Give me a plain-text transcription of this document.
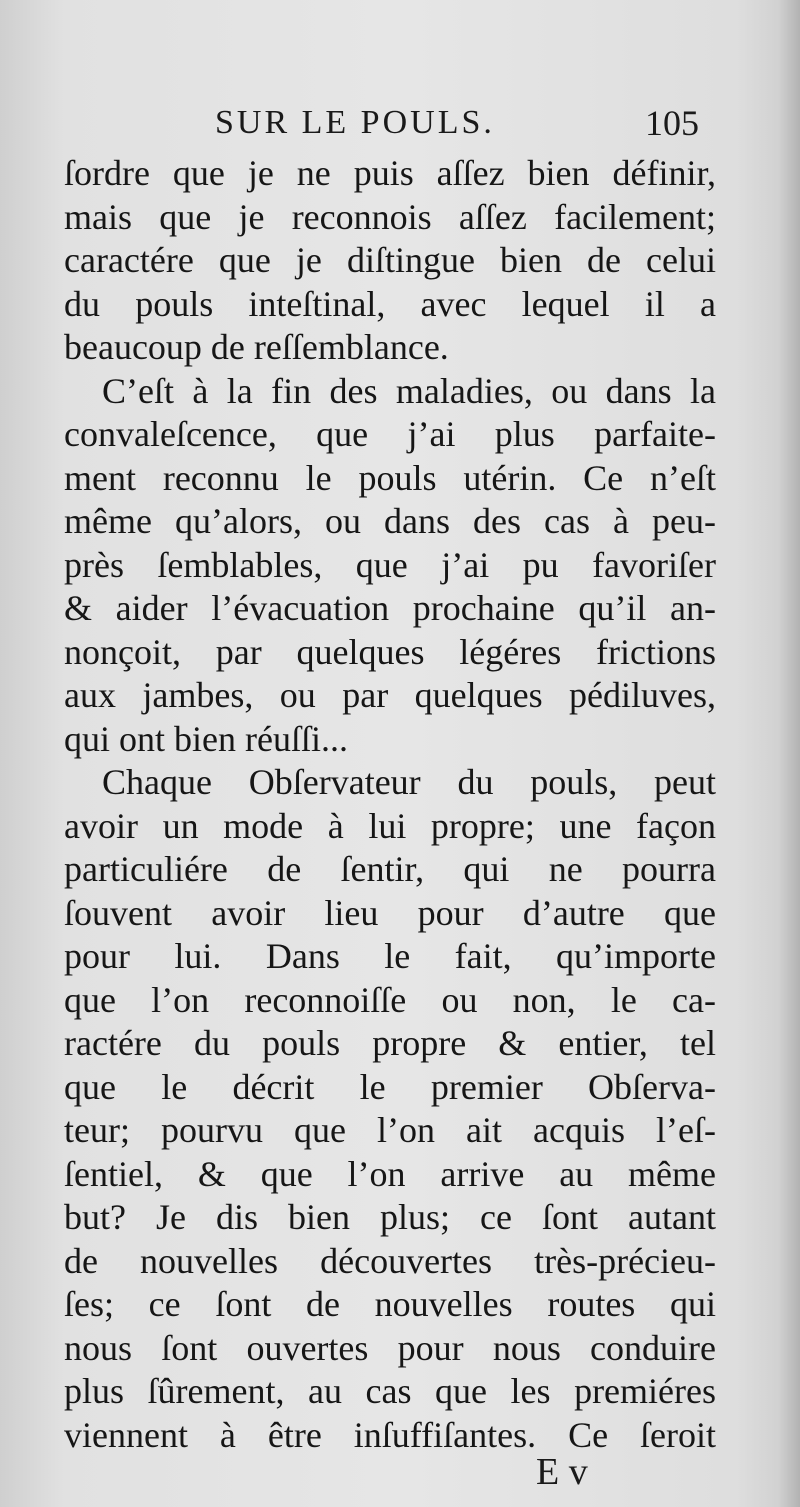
SUR LE POULS.	105
ſordre que je ne puis aſſez bien définir,
mais que je reconnois aſſez facilement;
caractére que je diſtingue bien de celui
du pouls inteſtinal, avec lequel il a
beaucoup de reſſemblance.
C’eſt à la fin des maladies, ou dans la
convaleſcence, que j’ai plus parfaite-
ment reconnu le pouls utérin. Ce n’eſt
même qu’alors, ou dans des cas à peu-
près ſemblables, que j’ai pu favoriſer
& aider l’évacuation prochaine qu’il an-
nonçoit, par quelques légéres frictions
aux jambes, ou par quelques pédiluves,
qui ont bien réuſſi...
Chaque Obſervateur du pouls, peut
avoir un mode à lui propre; une façon
particuliére de ſentir, qui ne pourra
ſouvent avoir lieu pour d’autre que
pour lui. Dans le fait, qu’importe
que l’on reconnoiſſe ou non, le ca-
ractére du pouls propre & entier, tel
que le décrit le premier Obſerva-
teur; pourvu que l’on ait acquis l’eſ-
ſentiel, & que l’on arrive au même
but? Je dis bien plus; ce ſont autant
de nouvelles découvertes très-précieu-
ſes; ce ſont de nouvelles routes qui
nous ſont ouvertes pour nous conduire
plus ſûrement, au cas que les premiéres
viennent à être inſuffiſantes. Ce ſeroit
E v
